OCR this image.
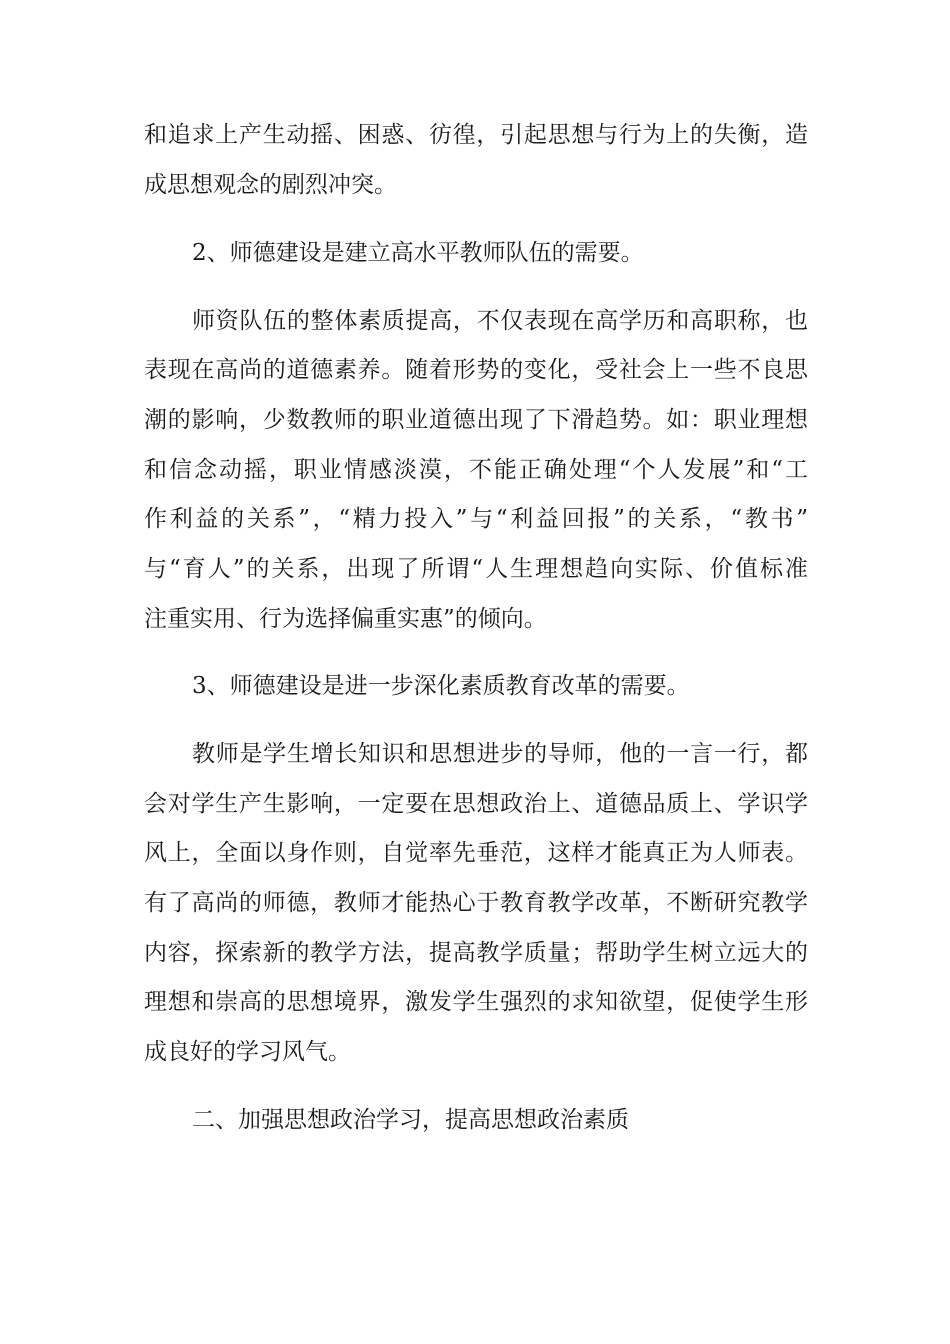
和追求上产生动摇、困惑、彷徨，引起思想与行为上的失衡，造
成思想观念的剧烈冲突。
2、师德建设是建立高水平教师队伍的需要。
师资队伍的整体素质提高，不仅表现在高学历和高职称，也
表现在高尚的道德素养。随着形势的变化，受社会上一些不良思
潮的影响，少数教师的职业道德出现了下滑趋势。如：职业理想
和信念动摇，职业情感淡漠，不能正确处理“个人发展”和“工
作利益的关系”，“精力投入”与“利益回报”的关系，“教书”
与“育人”的关系，出现了所谓“人生理想趋向实际、价值标准
注重实用、行为选择偏重实惠”的倾向。
3、师德建设是进一步深化素质教育改革的需要。
教师是学生增长知识和思想进步的导师，他的一言一行，都
会对学生产生影响，一定要在思想政治上、道德品质上、学识学
风上，全面以身作则，自觉率先垂范，这样才能真正为人师表。
有了高尚的师德，教师才能热心于教育教学改革，不断研究教学
内容，探索新的教学方法，提高教学质量；帮助学生树立远大的
理想和崇高的思想境界，激发学生强烈的求知欲望，促使学生形
成良好的学习风气。
二、加强思想政治学习，提高思想政治素质
